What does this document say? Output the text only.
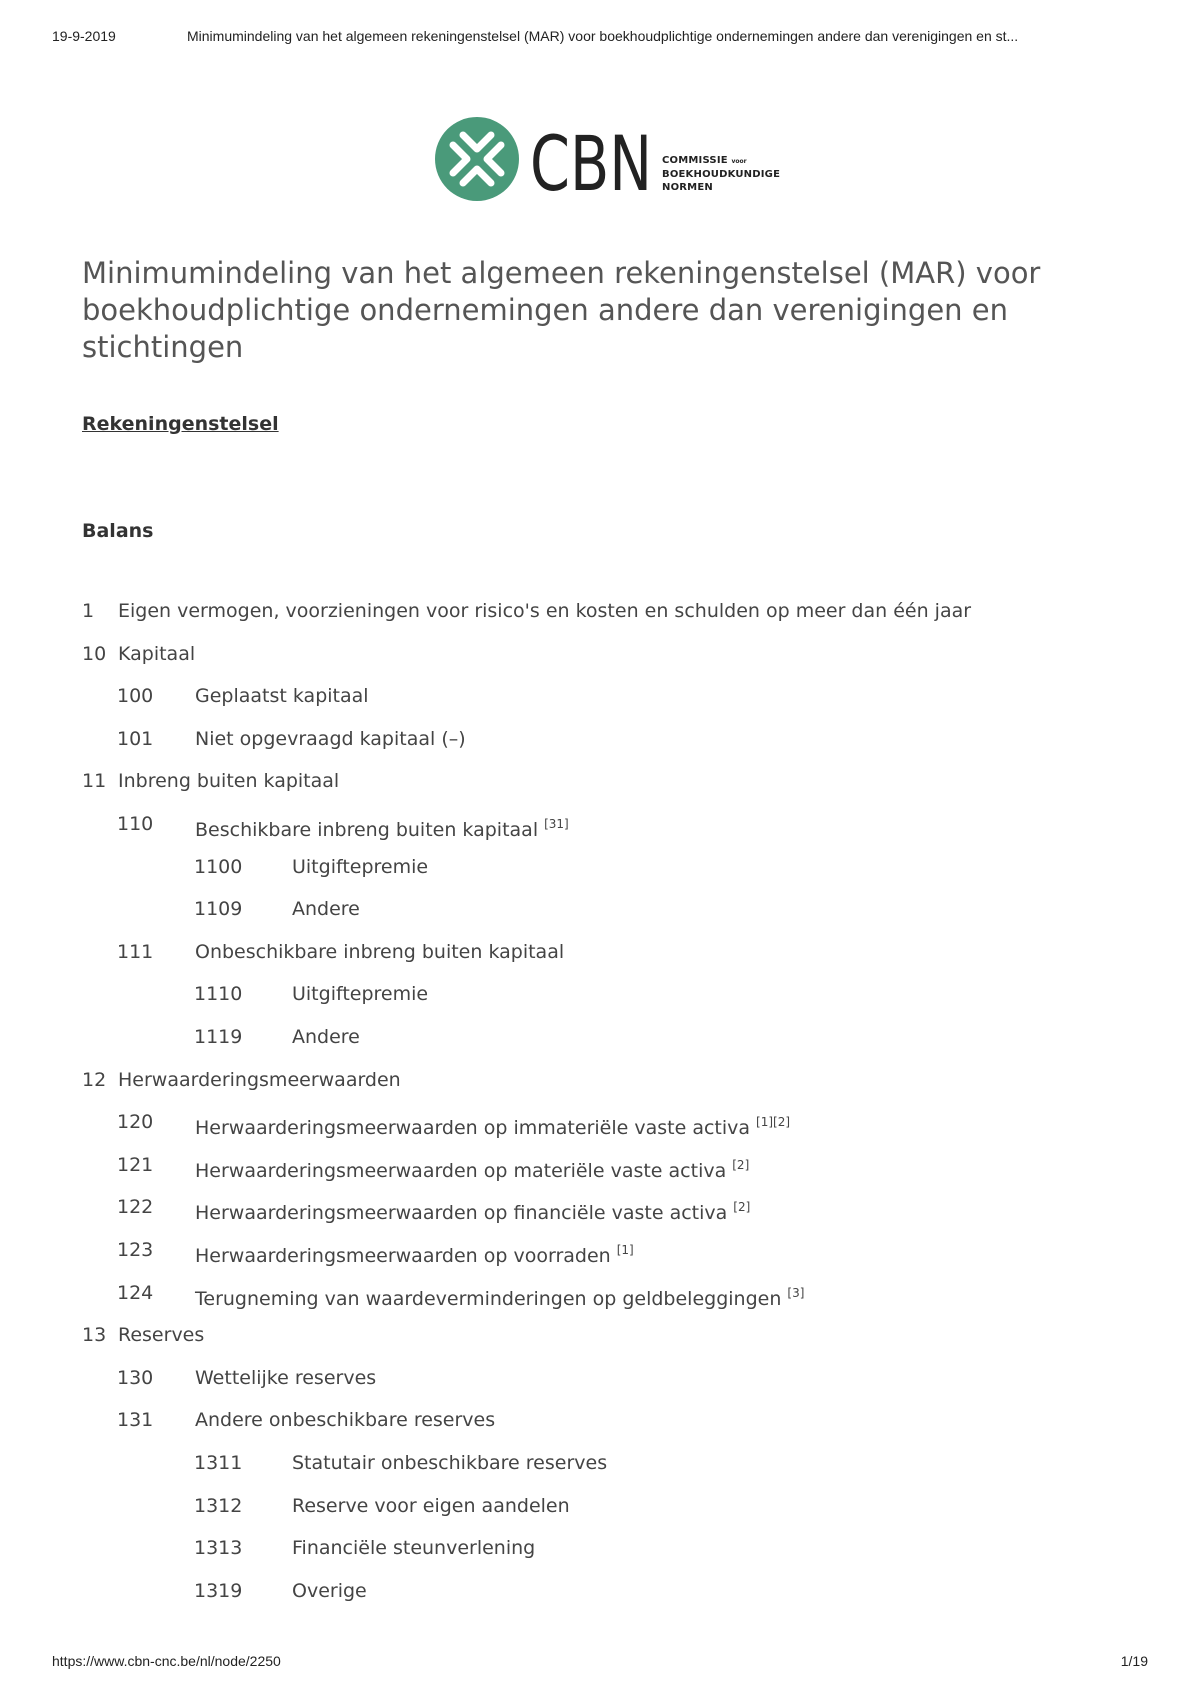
19-9-2019	Minimumindeling van het algemeen rekeningenstelsel (MAR) voor boekhoudplichtige ondernemingen andere dan verenigingen en st...
CBN COMMISSIE voor
BOEKHOUDKUNDIGE
NORMEN
Minimumindeling van het algemeen rekeningenstelsel (MAR) voor boekhoudplichtige ondernemingen andere dan verenigingen en stichtingen
Rekeningenstelsel
Balans
1 Eigen vermogen, voorzieningen voor risico's en kosten en schulden op meer dan één jaar
10 Kapitaal
100 Geplaatst kapitaal
101 Niet opgevraagd kapitaal (–)
11 Inbreng buiten kapitaal
110 Beschikbare inbreng buiten kapitaal [31]
1100	Uitgiftepremie
1109	Andere
111 Onbeschikbare inbreng buiten kapitaal
1110	Uitgiftepremie
1119	Andere
12 Herwaarderingsmeerwaarden
120 Herwaarderingsmeerwaarden op immateriële vaste activa [1][2]
121 Herwaarderingsmeerwaarden op materiële vaste activa [2]
122 Herwaarderingsmeerwaarden op financiële vaste activa [2]
123 Herwaarderingsmeerwaarden op voorraden [1]
124 Terugneming van waardeverminderingen op geldbeleggingen [3]
13 Reserves
130 Wettelijke reserves
131 Andere onbeschikbare reserves
1311	Statutair onbeschikbare reserves
1312	Reserve voor eigen aandelen
1313	Financiële steunverlening
1319	Overige
https://www.cbn-cnc.be/nl/node/2250	1/19
